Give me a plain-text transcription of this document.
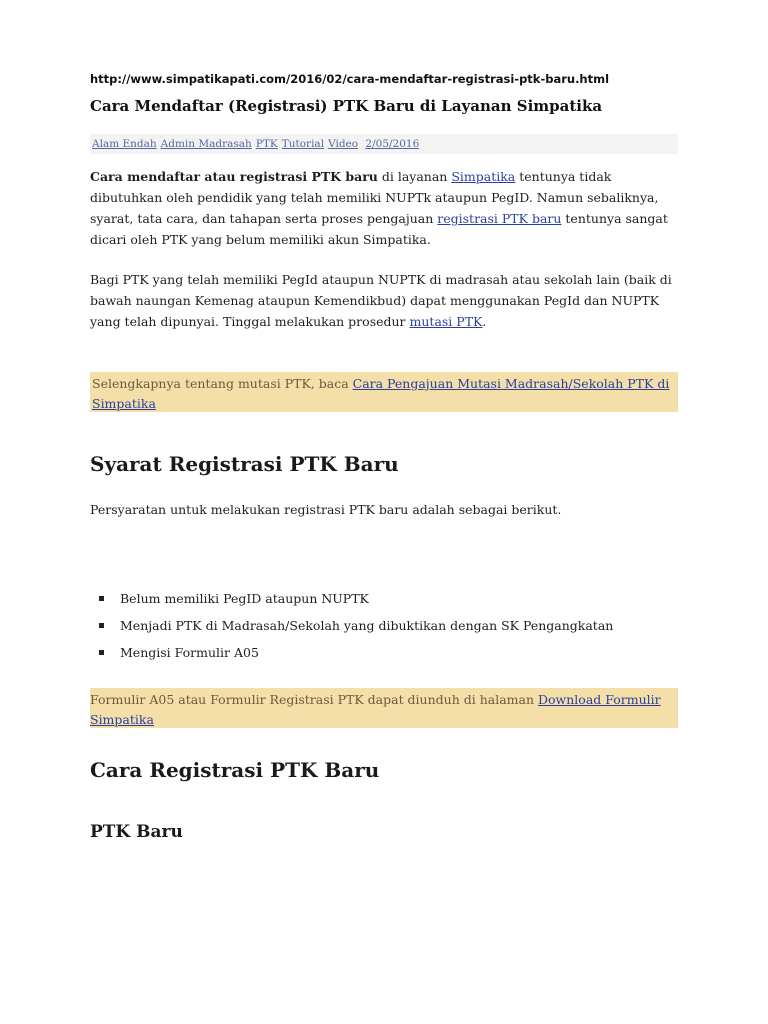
http://www.simpatikapati.com/2016/02/cara-mendaftar-registrasi-ptk-baru.html
Cara Mendaftar (Registrasi) PTK Baru di Layanan Simpatika
Alam Endah Admin Madrasah PTK Tutorial Video 2/05/2016

Cara mendaftar atau registrasi PTK baru di layanan Simpatika tentunya tidak dibutuhkan oleh pendidik yang telah memiliki NUPTk ataupun PegID. Namun sebaliknya, syarat, tata cara, dan tahapan serta proses pengajuan registrasi PTK baru tentunya sangat dicari oleh PTK yang belum memiliki akun Simpatika.

Bagi PTK yang telah memiliki PegId ataupun NUPTK di madrasah atau sekolah lain (baik di bawah naungan Kemenag ataupun Kemendikbud) dapat menggunakan PegId dan NUPTK yang telah dipunyai. Tinggal melakukan prosedur mutasi PTK.

Selengkapnya tentang mutasi PTK, baca Cara Pengajuan Mutasi Madrasah/Sekolah PTK di Simpatika
Syarat Registrasi PTK Baru

Persyaratan untuk melakukan registrasi PTK baru adalah sebagai berikut.

Belum memiliki PegID ataupun NUPTK
Menjadi PTK di Madrasah/Sekolah yang dibuktikan dengan SK Pengangkatan
Mengisi Formulir A05
Formulir A05 atau Formulir Registrasi PTK dapat diunduh di halaman Download Formulir Simpatika
Cara Registrasi PTK Baru
PTK Baru
